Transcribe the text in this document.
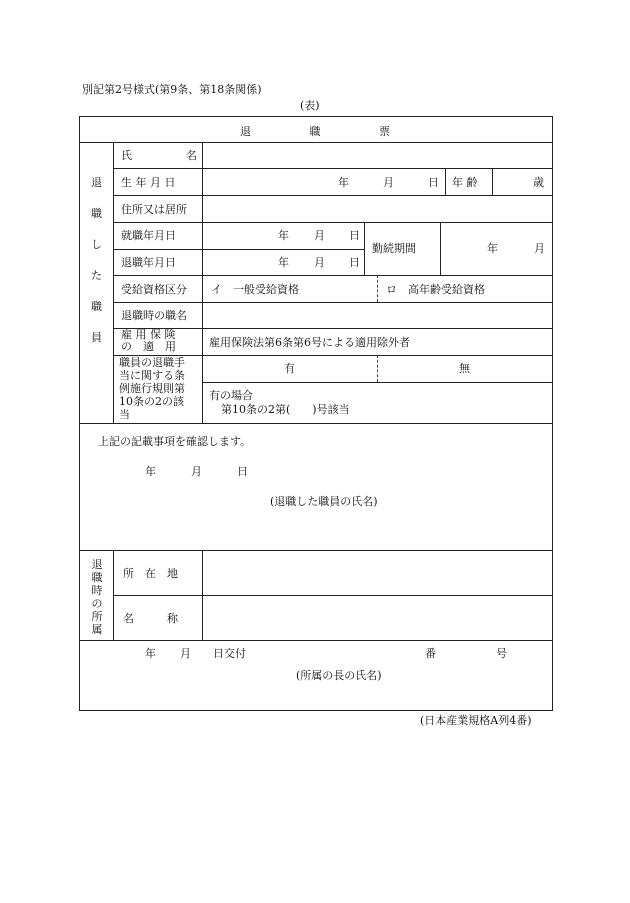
別記第2号様式(第9条、第18条関係)
(表)
退	職	票
退
職
し
た
職
員
氏	名
生 年 月 日	年	月	日 年 齢	歳
住所又は居所
就職年月日	年 月 日
退職年月日	年 月 日
勤続期間	年	月
受給資格区分 イ　一般受給資格	ロ　高年齢受給資格
退職時の職名
雇 用 保 険
の　適　用	雇用保険法第6条第6号による適用除外者
職員の退職手
当に関する条
例施行規則第
10条の2の該
当
有	無
有の場合
第10条の2第(　　)号該当
上記の記載事項を確認します。
年	月	日
(退職した職員の氏名)
退
職
時
の
所
属
所　在　地
名　　　称
年 月 日交付	番	号
(所属の長の氏名)
(日本産業規格A列4番)
